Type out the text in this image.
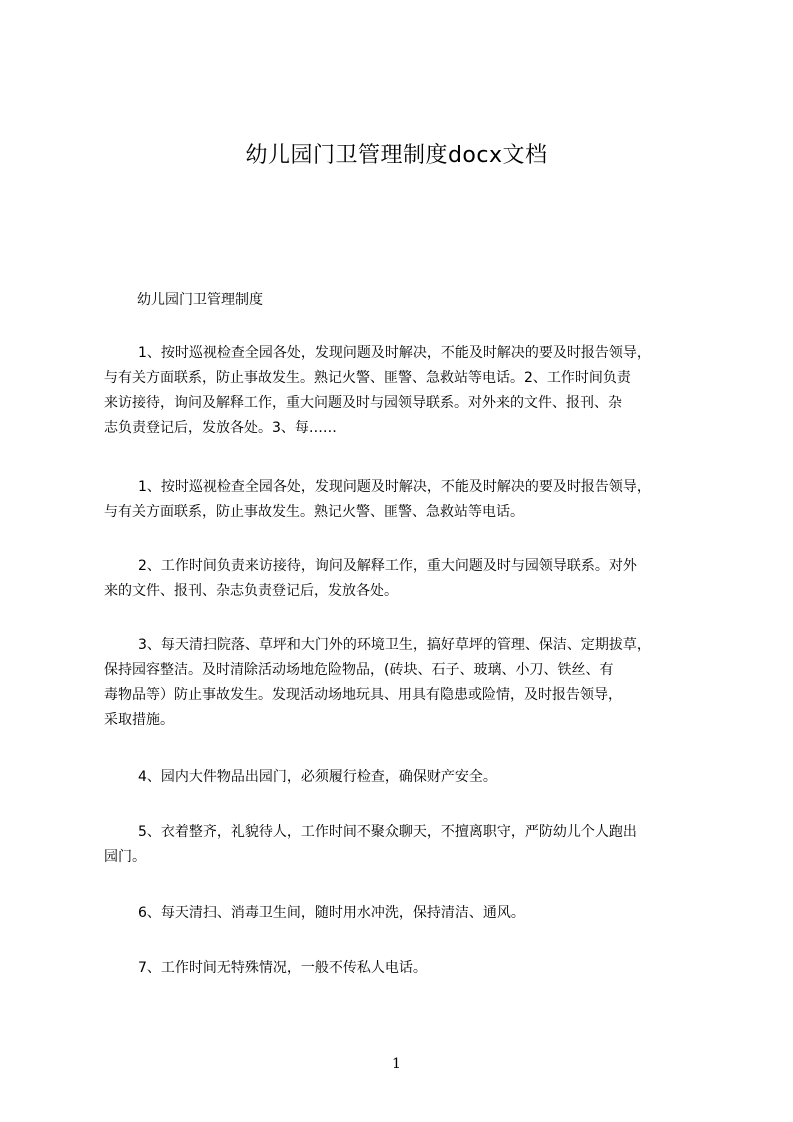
幼儿园门卫管理制度docx文档
幼儿园门卫管理制度

1、按时巡视检查全园各处，发现问题及时解决，不能及时解决的要及时报告领导，
与有关方面联系，防止事故发生。熟记火警、匪警、急救站等电话。2、工作时间负责
来访接待，询问及解释工作，重大问题及时与园领导联系。对外来的文件、报刊、杂
志负责登记后，发放各处。3、每……

1、按时巡视检查全园各处，发现问题及时解决，不能及时解决的要及时报告领导，
与有关方面联系，防止事故发生。熟记火警、匪警、急救站等电话。

2、工作时间负责来访接待，询问及解释工作，重大问题及时与园领导联系。对外
来的文件、报刊、杂志负责登记后，发放各处。

3、每天清扫院落、草坪和大门外的环境卫生，搞好草坪的管理、保洁、定期拔草，
保持园容整洁。及时清除活动场地危险物品，(砖块、石子、玻璃、小刀、铁丝、有
毒物品等）防止事故发生。发现活动场地玩具、用具有隐患或险情，及时报告领导，
采取措施。

4、园内大件物品出园门，必须履行检查，确保财产安全。

5、衣着整齐，礼貌待人，工作时间不聚众聊天，不擅离职守，严防幼儿个人跑出
园门。

6、每天清扫、消毒卫生间，随时用水冲洗，保持清洁、通风。

7、工作时间无特殊情况，一般不传私人电话。

1
